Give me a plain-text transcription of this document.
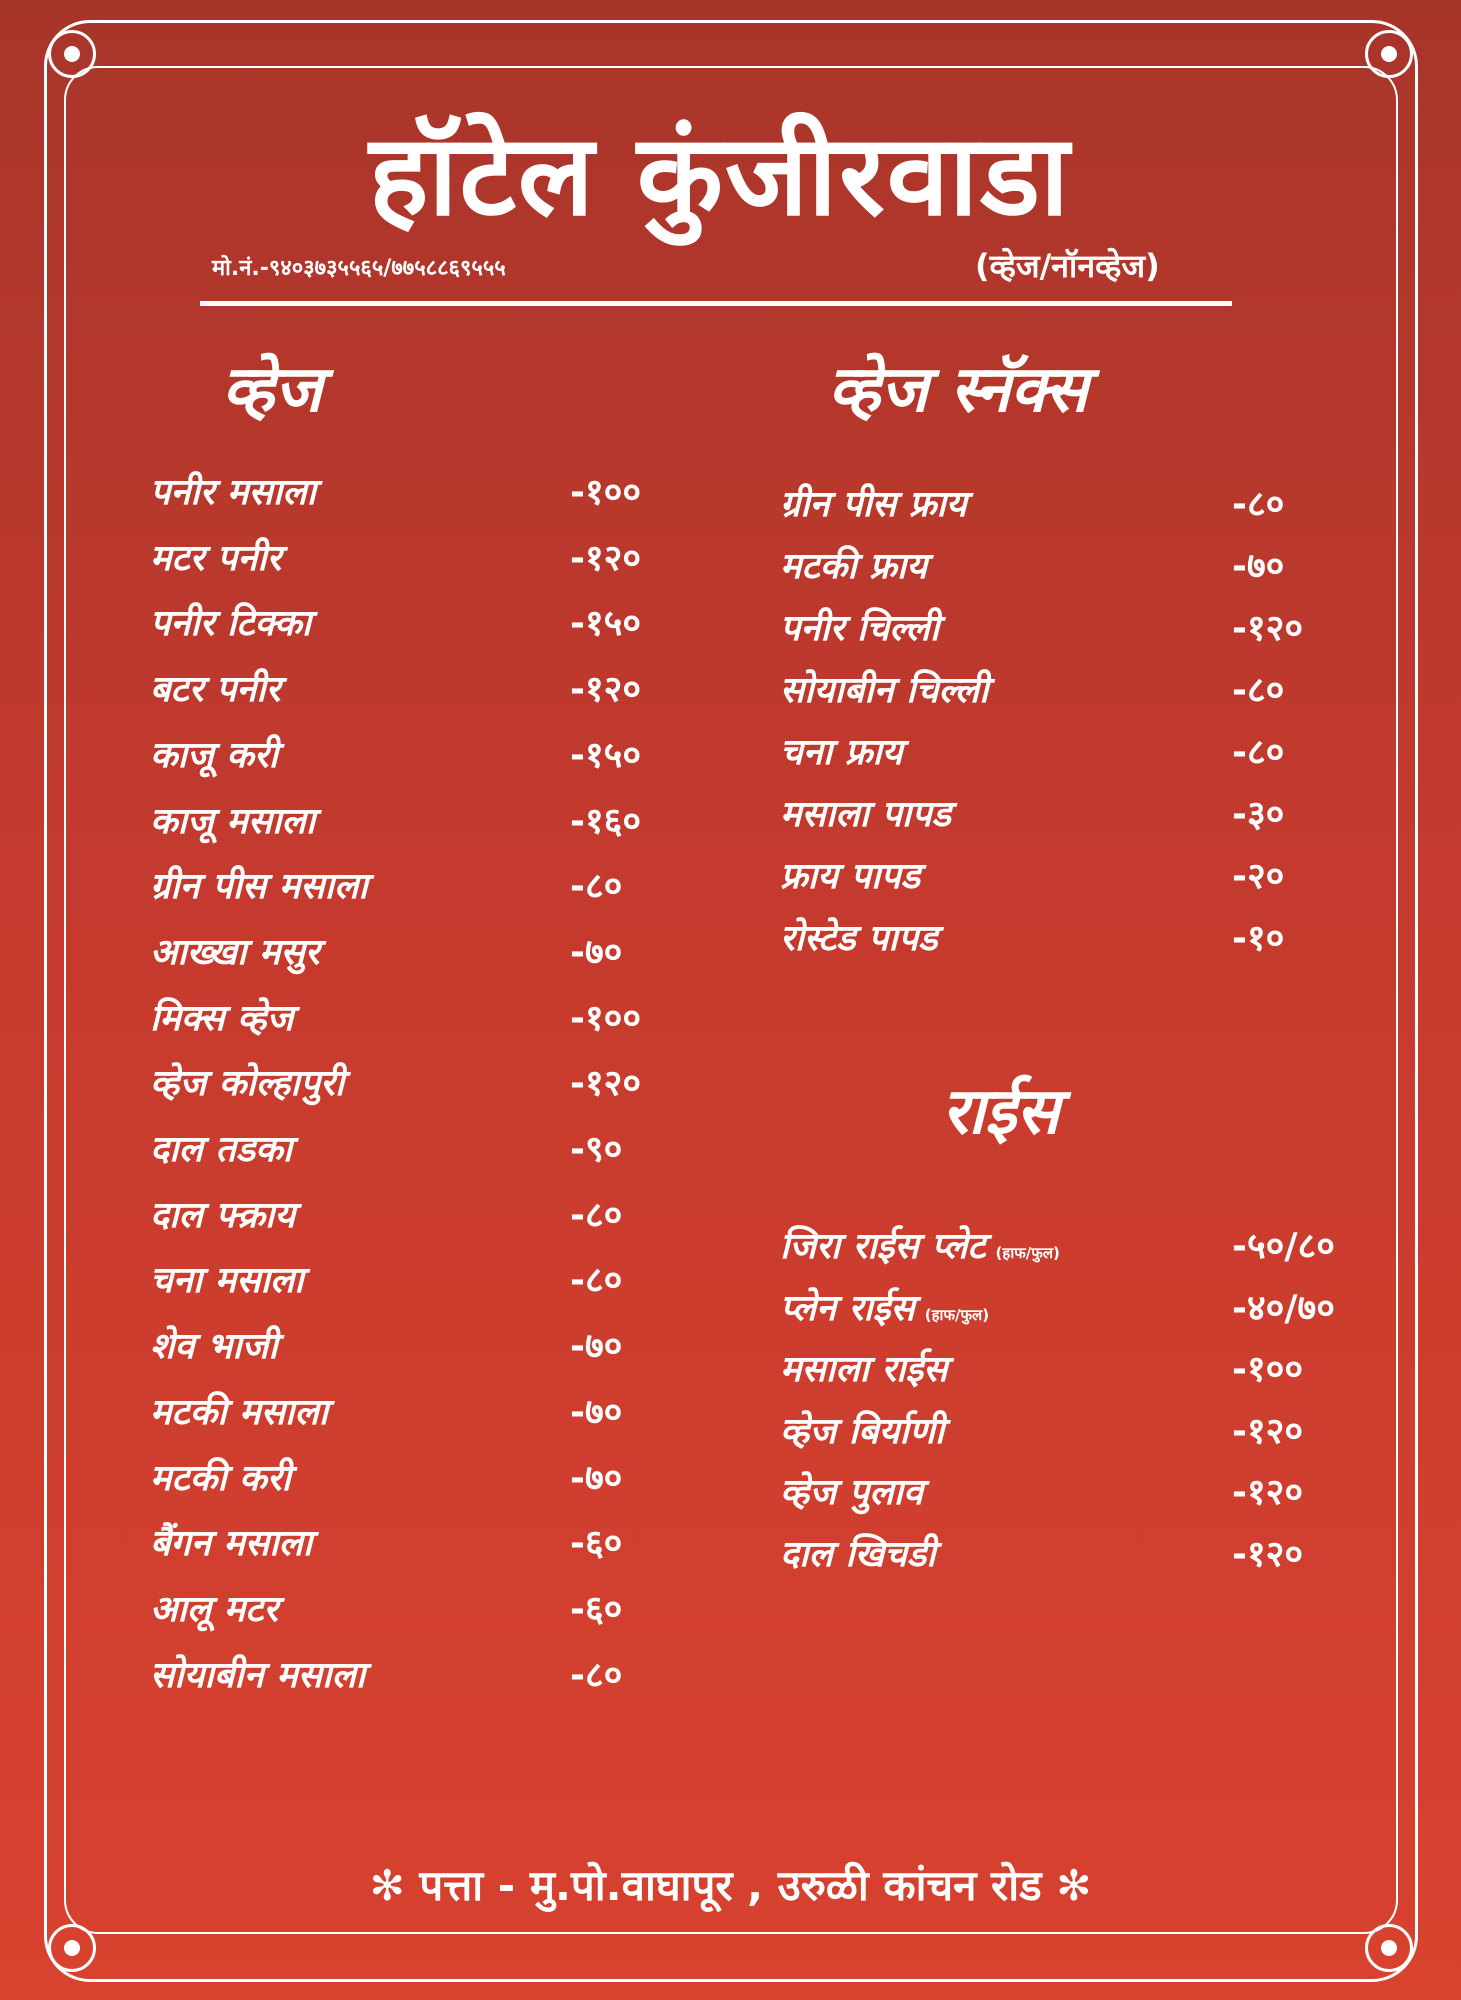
हॉटेल कुंजीरवाडा
मो.नं.-९४०३७३५५६५/७७५८८६९५५५	(व्हेज/नॉनव्हेज)
व्हेज	व्हेज स्नॅक्स
राईस
पनीर मसाला	-१००
मटर पनीर	-१२०
पनीर टिक्का	-१५०
बटर पनीर	-१२०
काजू करी	-१५०
काजू मसाला	-१६०
ग्रीन पीस मसाला	-८०
आख्खा मसुर	-७०
मिक्स व्हेज	-१००
व्हेज कोल्हापुरी	-१२०
दाल तडका	-९०
दाल फ्क्राय	-८०
चना मसाला	-८०
शेव भाजी	-७०
मटकी मसाला	-७०
मटकी करी	-७०
बैंगन मसाला	-६०
आलू मटर	-६०
सोयाबीन मसाला	-८०
ग्रीन पीस फ्राय	-८०
मटकी फ्राय	-७०
पनीर चिल्ली	-१२०
सोयाबीन चिल्ली	-८०
चना फ्राय	-८०
मसाला पापड	-३०
फ्राय पापड	-२०
रोस्टेड पापड	-१०
जिरा राईस प्लेट (हाफ/फुल)	-५०/८०
प्लेन राईस (हाफ/फुल)	-४०/७०
मसाला राईस	-१००
व्हेज बिर्याणी	-१२०
व्हेज पुलाव	-१२०
दाल खिचडी	-१२०
✻ पत्ता - मु.पो.वाघापूर , उरुळी कांचन रोड ✻
